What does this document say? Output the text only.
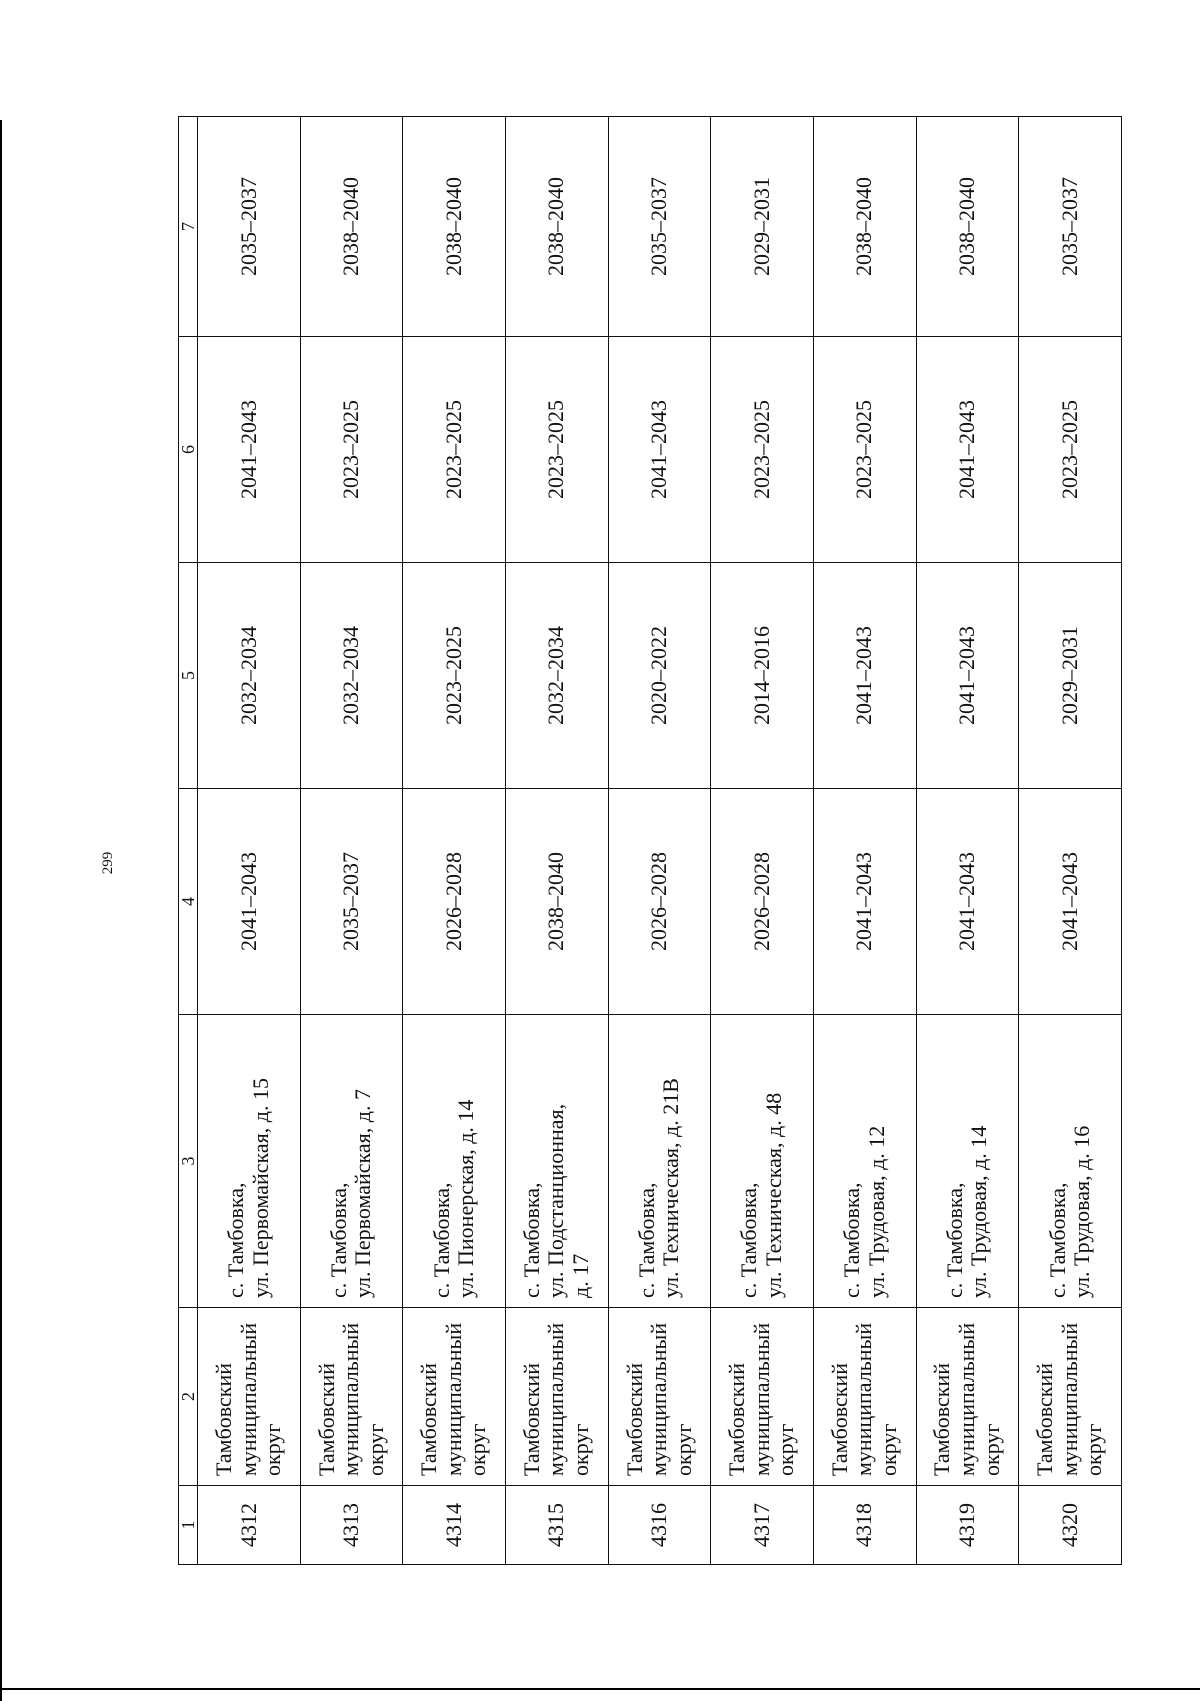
299
1	2	3	4	5	6	7
4312	Тамбовский муниципальный округ	с. Тамбовка, ул. Первомайская, д. 15	2041–2043	2032–2034	2041–2043	2035–2037
4313	Тамбовский муниципальный округ	с. Тамбовка, ул. Первомайская, д. 7	2035–2037	2032–2034	2023–2025	2038–2040
4314	Тамбовский муниципальный округ	с. Тамбовка, ул. Пионерская, д. 14	2026–2028	2023–2025	2023–2025	2038–2040
4315	Тамбовский муниципальный округ	с. Тамбовка, ул. Подстанционная, д. 17	2038–2040	2032–2034	2023–2025	2038–2040
4316	Тамбовский муниципальный округ	с. Тамбовка, ул. Техническая, д. 21В	2026–2028	2020–2022	2041–2043	2035–2037
4317	Тамбовский муниципальный округ	с. Тамбовка, ул. Техническая, д. 48	2026–2028	2014–2016	2023–2025	2029–2031
4318	Тамбовский муниципальный округ	с. Тамбовка, ул. Трудовая, д. 12	2041–2043	2041–2043	2023–2025	2038–2040
4319	Тамбовский муниципальный округ	с. Тамбовка, ул. Трудовая, д. 14	2041–2043	2041–2043	2041–2043	2038–2040
4320	Тамбовский муниципальный округ	с. Тамбовка, ул. Трудовая, д. 16	2041–2043	2029–2031	2023–2025	2035–2037
